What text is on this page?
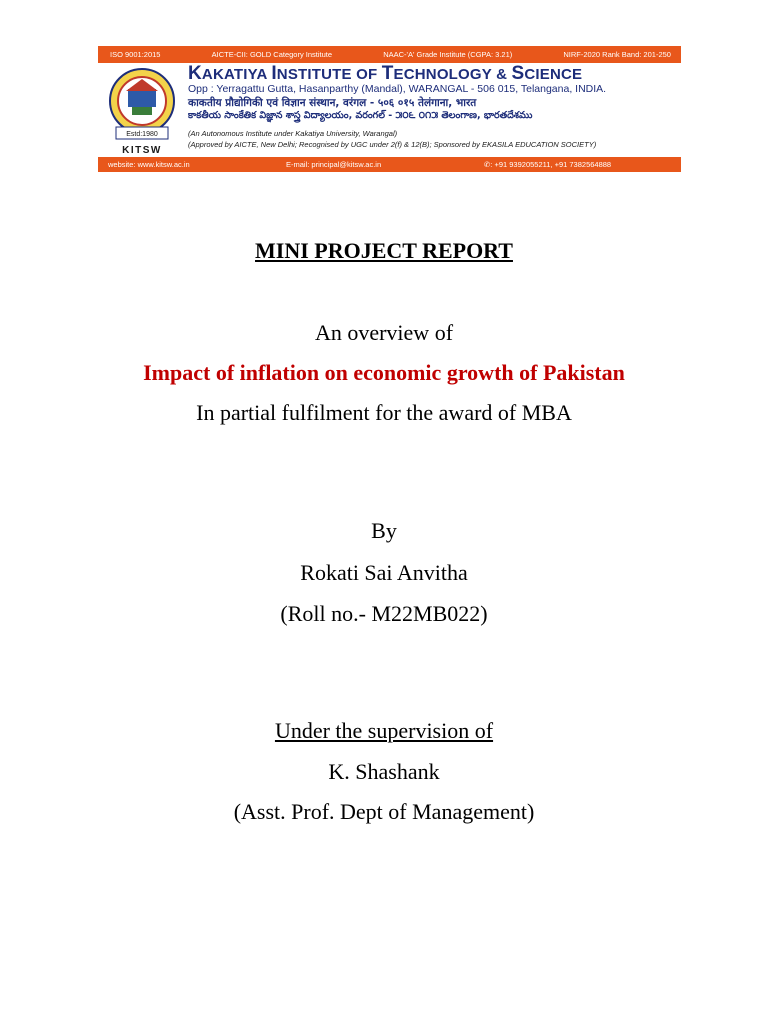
ISO 9001:2015	AICTE-CII: GOLD Category Institute	NAAC-'A' Grade Institute (CGPA: 3.21)	NIRF-2020 Rank Band: 201-250
Estd:1980
KITSW
KAKATIYA INSTITUTE OF TECHNOLOGY & SCIENCE
Opp : Yerragattu Gutta, Hasanparthy (Mandal), WARANGAL - 506 015, Telangana, INDIA.
काकतीय प्रौद्योगिकी एवं विज्ञान संस्थान, वरंगल - ५०६ ०१५ तेलंगाना, भारत
కాకతీయ సాంకేతిక విజ్ఞాన శాస్త్ర విద్యాలయం, వరంగల్ - ౫౦౬ ౦౧౫ తెలంగాణ, భారతదేశము
(An Autonomous Institute under Kakatiya University, Warangal)
(Approved by AICTE, New Delhi; Recognised by UGC under 2(f) & 12(B); Sponsored by EKASILA EDUCATION SOCIETY)
website: www.kitsw.ac.in	E-mail: principal@kitsw.ac.in	✆: +91 9392055211, +91 7382564888
MINI PROJECT REPORT
An overview of
Impact of inflation on economic growth of Pakistan
In partial fulfilment for the award of MBA
By
Rokati Sai Anvitha
(Roll no.- M22MB022)
Under the supervision of
K. Shashank
(Asst. Prof. Dept of Management)
